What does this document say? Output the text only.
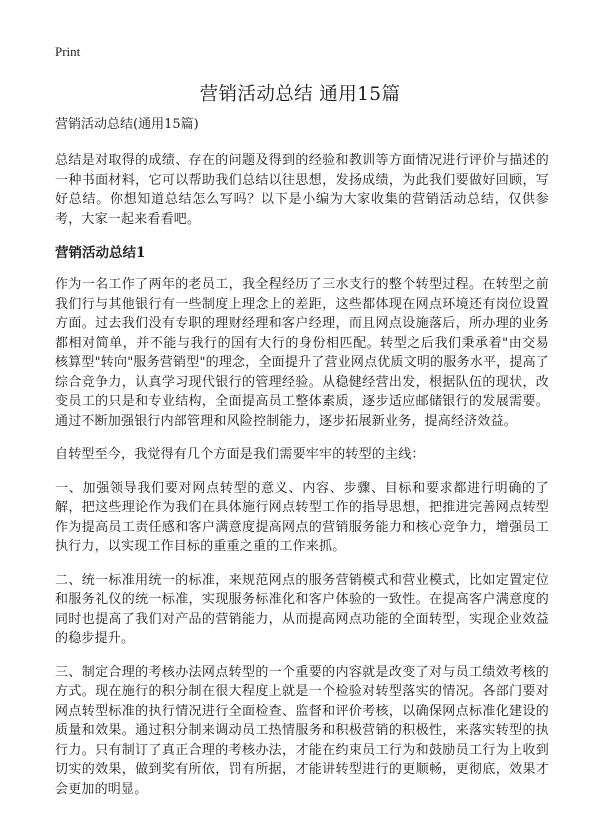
Print
营销活动总结 通用15篇
营销活动总结(通用15篇)

总结是对取得的成绩、存在的问题及得到的经验和教训等方面情况进行评价与描述的一种书面材料，它可以帮助我们总结以往思想，发扬成绩，为此我们要做好回顾，写好总结。你想知道总结怎么写吗？以下是小编为大家收集的营销活动总结，仅供参考，大家一起来看看吧。

营销活动总结1

作为一名工作了两年的老员工，我全程经历了三水支行的整个转型过程。在转型之前我们行与其他银行有一些制度上理念上的差距，这些都体现在网点环境还有岗位设置方面。过去我们没有专职的理财经理和客户经理，而且网点设施落后，所办理的业务都相对简单，并不能与我行的国有大行的身份相匹配。转型之后我们秉承着"由交易核算型"转向"服务营销型"的理念，全面提升了营业网点优质文明的服务水平，提高了综合竞争力，认真学习现代银行的管理经验。从稳健经营出发，根据队伍的现状，改变员工的只是和专业结构，全面提高员工整体素质，逐步适应邮储银行的发展需要。通过不断加强银行内部管理和风险控制能力，逐步拓展新业务，提高经济效益。

自转型至今，我觉得有几个方面是我们需要牢牢的转型的主线：

一、加强领导我们要对网点转型的意义、内容、步骤、目标和要求都进行明确的了解，把这些理论作为我们在具体施行网点转型工作的指导思想，把推进完善网点转型作为提高员工责任感和客户满意度提高网点的营销服务能力和核心竞争力，增强员工执行力，以实现工作目标的重重之重的工作来抓。

二、统一标准用统一的标准，来规范网点的服务营销模式和营业模式，比如定置定位和服务礼仪的统一标准，实现服务标准化和客户体验的一致性。在提高客户满意度的同时也提高了我们对产品的营销能力，从而提高网点功能的全面转型，实现企业效益的稳步提升。

三、制定合理的考核办法网点转型的一个重要的内容就是改变了对与员工绩效考核的方式。现在施行的积分制在很大程度上就是一个检验对转型落实的情况。各部门要对网点转型标准的执行情况进行全面检查、监督和评价考核，以确保网点标准化建设的质量和效果。通过积分制来调动员工热情服务和积极营销的积极性，来落实转型的执行力。只有制订了真正合理的考核办法，才能在约束员工行为和鼓励员工行为上收到切实的效果，做到奖有所依，罚有所据，才能讲转型进行的更顺畅，更彻底，效果才会更加的明显。
